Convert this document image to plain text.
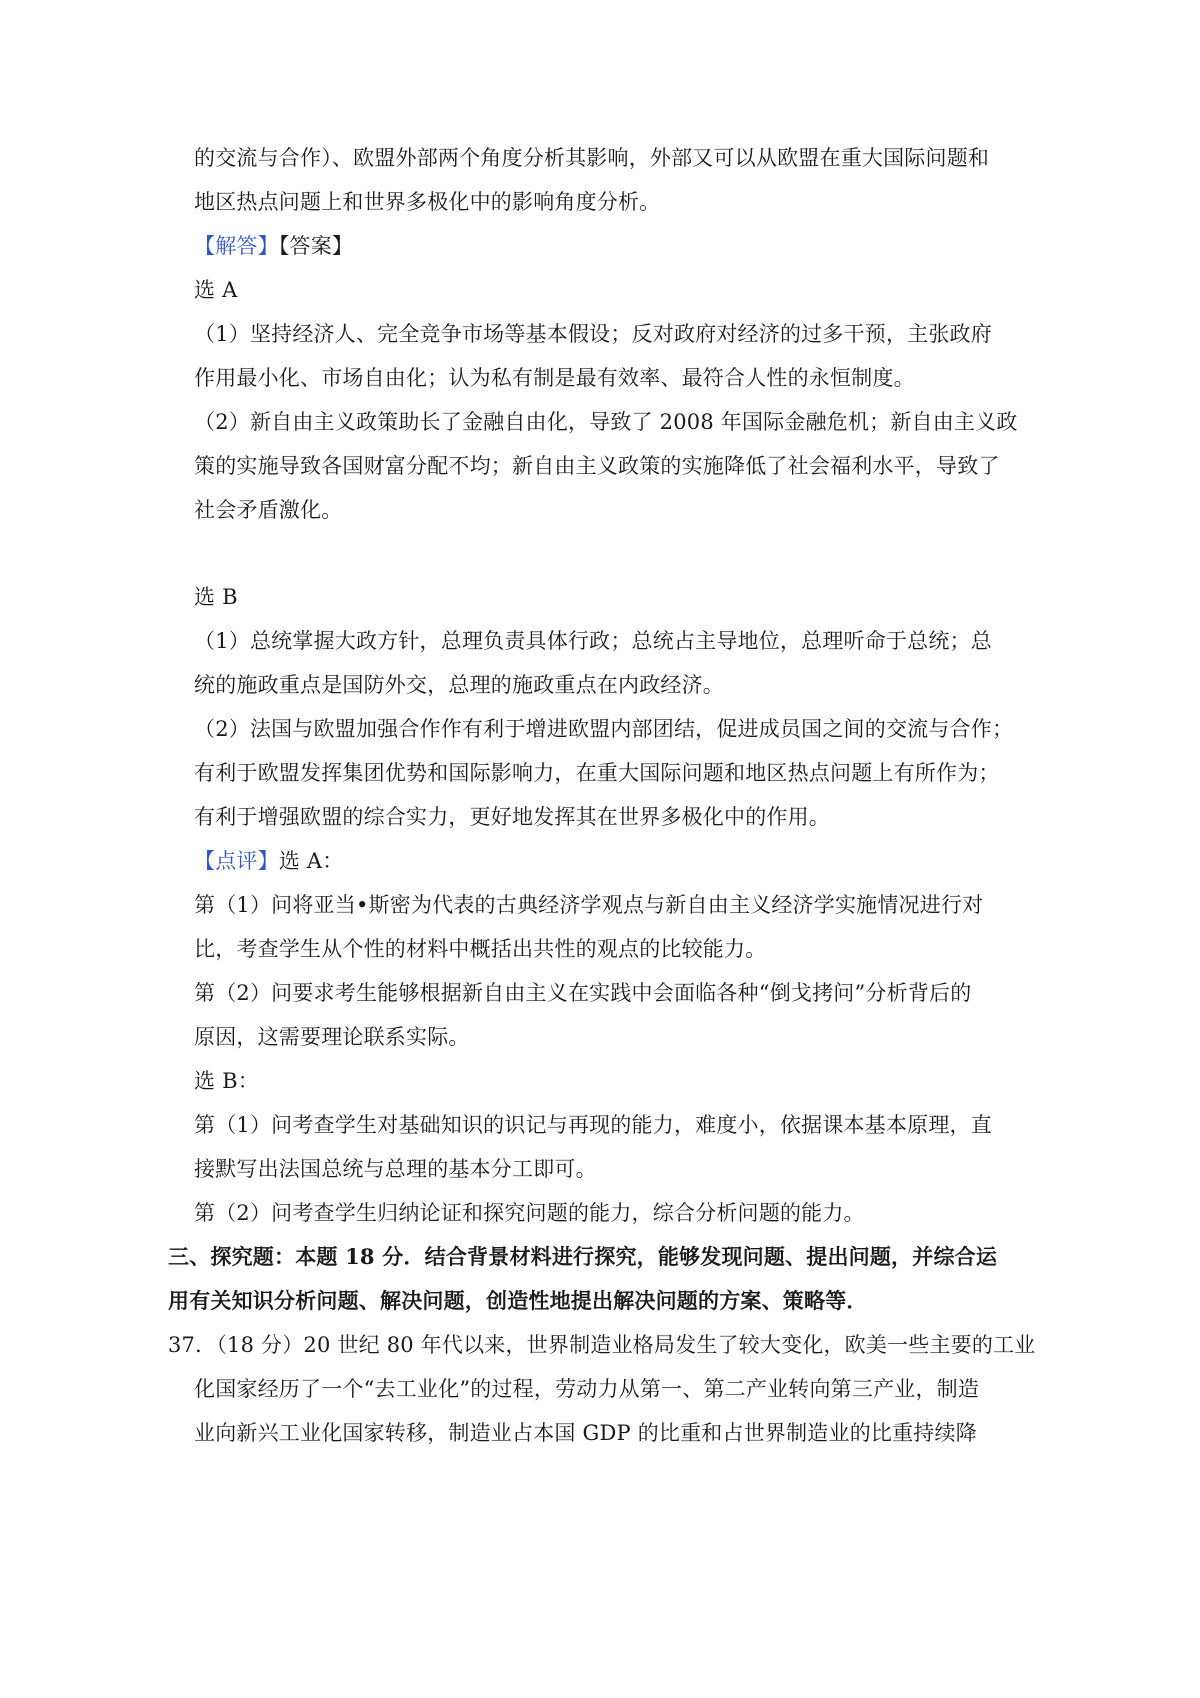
的交流与合作）、欧盟外部两个角度分析其影响，外部又可以从欧盟在重大国际问题和
地区热点问题上和世界多极化中的影响角度分析。
【解答】【答案】
选 A
（1）坚持经济人、完全竞争市场等基本假设；反对政府对经济的过多干预，主张政府
作用最小化、市场自由化；认为私有制是最有效率、最符合人性的永恒制度。
（2）新自由主义政策助长了金融自由化，导致了 2008 年国际金融危机；新自由主义政
策的实施导致各国财富分配不均；新自由主义政策的实施降低了社会福利水平，导致了
社会矛盾激化。
选 B
（1）总统掌握大政方针，总理负责具体行政；总统占主导地位，总理听命于总统；总
统的施政重点是国防外交，总理的施政重点在内政经济。
（2）法国与欧盟加强合作作有利于增进欧盟内部团结，促进成员国之间的交流与合作；
有利于欧盟发挥集团优势和国际影响力，在重大国际问题和地区热点问题上有所作为；
有利于增强欧盟的综合实力，更好地发挥其在世界多极化中的作用。
【点评】选 A：
第（1）问将亚当•斯密为代表的古典经济学观点与新自由主义经济学实施情况进行对
比，考查学生从个性的材料中概括出共性的观点的比较能力。
第（2）问要求考生能够根据新自由主义在实践中会面临各种“倒戈拷问”分析背后的
原因，这需要理论联系实际。
选 B：
第（1）问考查学生对基础知识的识记与再现的能力，难度小，依据课本基本原理，直
接默写出法国总统与总理的基本分工即可。
第（2）问考查学生归纳论证和探究问题的能力，综合分析问题的能力。
三、探究题：本题 18 分．结合背景材料进行探究，能够发现问题、提出问题，并综合运
用有关知识分析问题、解决问题，创造性地提出解决问题的方案、策略等．
37．（18 分）20 世纪 80 年代以来，世界制造业格局发生了较大变化，欧美一些主要的工业
化国家经历了一个“去工业化”的过程，劳动力从第一、第二产业转向第三产业，制造
业向新兴工业化国家转移，制造业占本国 GDP 的比重和占世界制造业的比重持续降
